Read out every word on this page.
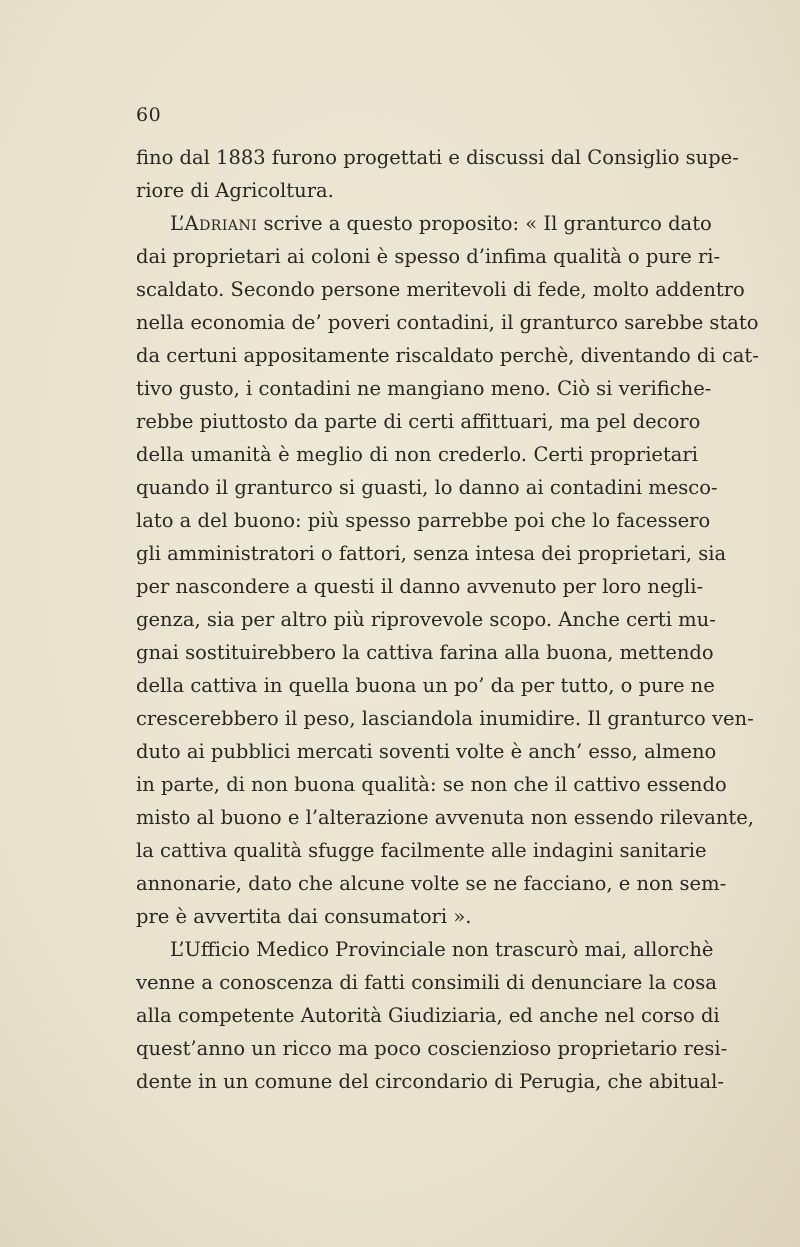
60
fino dal 1883 furono progettati e discussi dal Consiglio supe-
riore di Agricoltura.
L’Adriani scrive a questo proposito: « Il granturco dato
dai proprietari ai coloni è spesso d’infima qualità o pure ri-
scaldato. Secondo persone meritevoli di fede, molto addentro
nella economia de’ poveri contadini, il granturco sarebbe stato
da certuni appositamente riscaldato perchè, diventando di cat-
tivo gusto, i contadini ne mangiano meno. Ciò si verifiche-
rebbe piuttosto da parte di certi affittuari, ma pel decoro
della umanità è meglio di non crederlo. Certi proprietari
quando il granturco si guasti, lo danno ai contadini mesco-
lato a del buono: più spesso parrebbe poi che lo facessero
gli amministratori o fattori, senza intesa dei proprietari, sia
per nascondere a questi il danno avvenuto per loro negli-
genza, sia per altro più riprovevole scopo. Anche certi mu-
gnai sostituirebbero la cattiva farina alla buona, mettendo
della cattiva in quella buona un po’ da per tutto, o pure ne
crescerebbero il peso, lasciandola inumidire. Il granturco ven-
duto ai pubblici mercati soventi volte è anch’ esso, almeno
in parte, di non buona qualità: se non che il cattivo essendo
misto al buono e l’alterazione avvenuta non essendo rilevante,
la cattiva qualità sfugge facilmente alle indagini sanitarie
annonarie, dato che alcune volte se ne facciano, e non sem-
pre è avvertita dai consumatori ».
L’Ufficio Medico Provinciale non trascurò mai, allorchè
venne a conoscenza di fatti consimili di denunciare la cosa
alla competente Autorità Giudiziaria, ed anche nel corso di
quest’anno un ricco ma poco coscienzioso proprietario resi-
dente in un comune del circondario di Perugia, che abitual-
